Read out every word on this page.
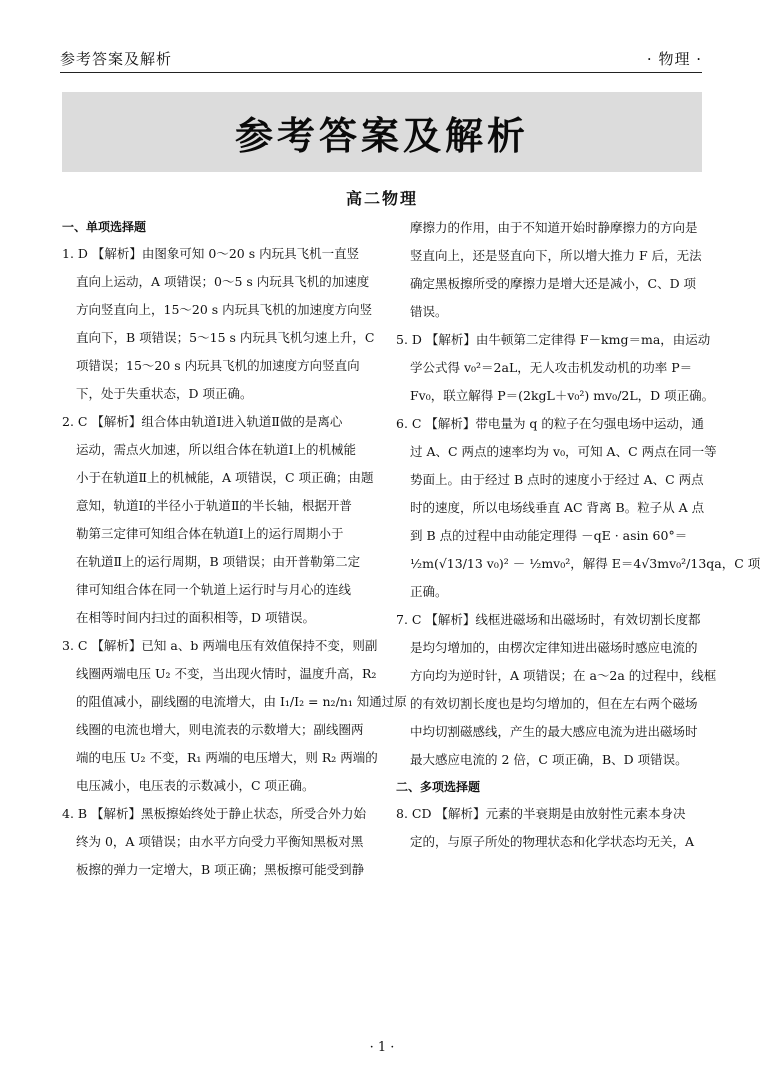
参考答案及解析	· 物理 ·
参考答案及解析
高二物理
一、单项选择题
1. D 【解析】由图象可知 0～20 s 内玩具飞机一直竖
直向上运动，A 项错误；0～5 s 内玩具飞机的加速度
方向竖直向上，15～20 s 内玩具飞机的加速度方向竖
直向下，B 项错误；5～15 s 内玩具飞机匀速上升，C
项错误；15～20 s 内玩具飞机的加速度方向竖直向
下，处于失重状态，D 项正确。
2. C 【解析】组合体由轨道Ⅰ进入轨道Ⅱ做的是离心
运动，需点火加速，所以组合体在轨道Ⅰ上的机械能
小于在轨道Ⅱ上的机械能，A 项错误，C 项正确；由题
意知，轨道Ⅰ的半径小于轨道Ⅱ的半长轴，根据开普
勒第三定律可知组合体在轨道Ⅰ上的运行周期小于
在轨道Ⅱ上的运行周期，B 项错误；由开普勒第二定
律可知组合体在同一个轨道上运行时与月心的连线
在相等时间内扫过的面积相等，D 项错误。
3. C 【解析】已知 a、b 两端电压有效值保持不变，则副
线圈两端电压 U₂ 不变，当出现火情时，温度升高，R₂
的阻值减小，副线圈的电流增大，由 I₁/I₂ = n₂/n₁ 知通过原
线圈的电流也增大，则电流表的示数增大；副线圈两
端的电压 U₂ 不变，R₁ 两端的电压增大，则 R₂ 两端的
电压减小，电压表的示数减小，C 项正确。
4. B 【解析】黑板擦始终处于静止状态，所受合外力始
终为 0，A 项错误；由水平方向受力平衡知黑板对黑
板擦的弹力一定增大，B 项正确；黑板擦可能受到静
摩擦力的作用，由于不知道开始时静摩擦力的方向是
竖直向上，还是竖直向下，所以增大推力 F 后，无法
确定黑板擦所受的摩擦力是增大还是减小，C、D 项
错误。
5. D 【解析】由牛顿第二定律得 F－kmg＝ma，由运动
学公式得 v₀²＝2aL，无人攻击机发动机的功率 P＝
Fv₀，联立解得 P＝(2kgL＋v₀²) mv₀/2L，D 项正确。
6. C 【解析】带电量为 q 的粒子在匀强电场中运动，通
过 A、C 两点的速率均为 v₀，可知 A、C 两点在同一等
势面上。由于经过 B 点时的速度小于经过 A、C 两点
时的速度，所以电场线垂直 AC 背离 B。粒子从 A 点
到 B 点的过程中由动能定理得 －qE · asin 60°＝
½m(√13/13 v₀)² － ½mv₀²，解得 E＝4√3mv₀²/13qa，C 项
正确。
7. C 【解析】线框进磁场和出磁场时，有效切割长度都
是均匀增加的，由楞次定律知进出磁场时感应电流的
方向均为逆时针，A 项错误；在 a～2a 的过程中，线框
的有效切割长度也是均匀增加的，但在左右两个磁场
中均切割磁感线，产生的最大感应电流为进出磁场时
最大感应电流的 2 倍，C 项正确，B、D 项错误。
二、多项选择题
8. CD 【解析】元素的半衰期是由放射性元素本身决
定的，与原子所处的物理状态和化学状态均无关，A
· 1 ·
